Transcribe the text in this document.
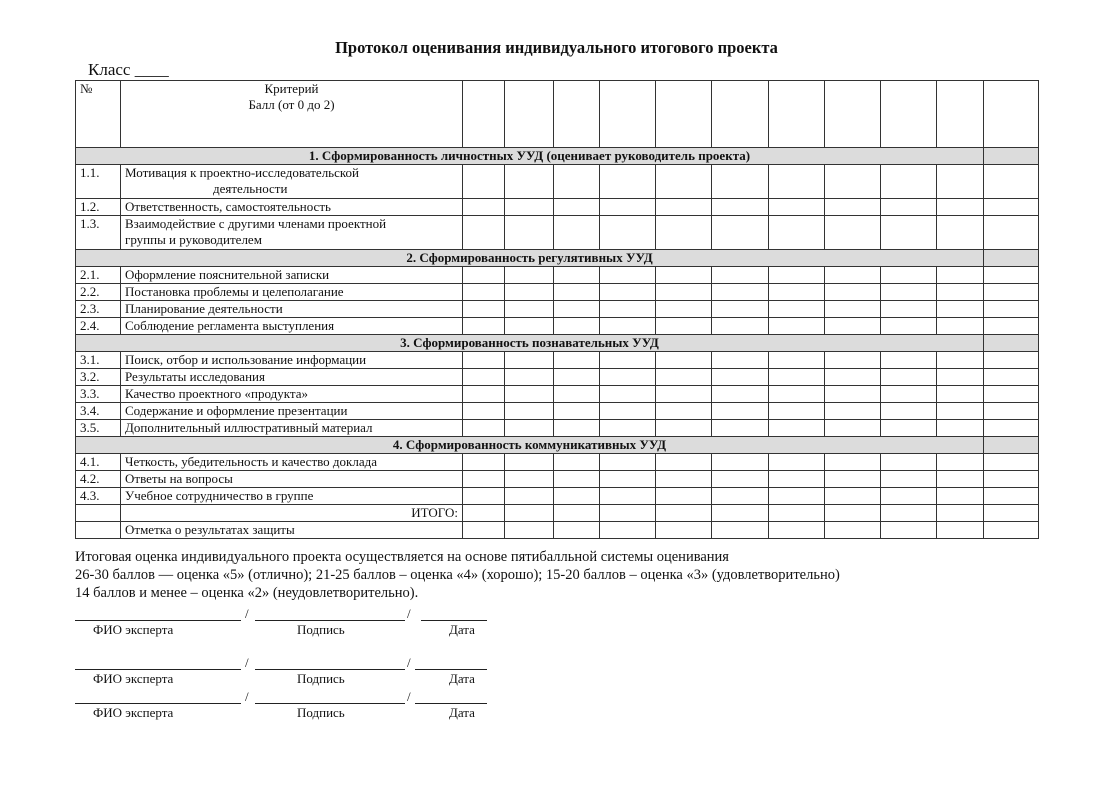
Протокол оценивания индивидуального итогового проекта
Класс ____
№	Критерий
Балл (от 0 до 2)											

1. Сформированность личностных УУД (оценивает руководитель проекта)												
1.1.	Мотивация к проектно-исследовательской
деятельности											

1.2.	Ответственность, самостоятельность											
1.3.	Взаимодействие с другими членами проектной
группы и руководителем											
2. Сформированность регулятивных УУД												
2.1.	Оформление пояснительной записки											
2.2.	Постановка проблемы и целеполагание											
2.3.	Планирование деятельности											
2.4.	Соблюдение регламента выступления											
3. Сформированность познавательных УУД												
3.1.	Поиск, отбор и использование информации											
3.2.	Результаты исследования											
3.3.	Качество проектного «продукта»											
3.4.	Содержание и оформление презентации											
3.5.	Дополнительный иллюстративный материал											
4. Сформированность коммуникативных УУД												
4.1.	Четкость, убедительность и качество доклада											
4.2.	Ответы на вопросы											
4.3.	Учебное сотрудничество в группе											
	ИТОГО:											
	Отметка о результатах защиты											
Итоговая оценка индивидуального проекта осуществляется на основе пятибалльной системы оценивания
26-30 баллов — оценка «5» (отлично); 21-25 баллов – оценка «4» (хорошо); 15-20 баллов – оценка «3» (удовлетворительно)
14 баллов и менее – оценка «2» (неудовлетворительно).
/	/
ФИО эксперта	Подпись	Дата
/	/
ФИО эксперта	Подпись	Дата
/	/
ФИО эксперта	Подпись	Дата
